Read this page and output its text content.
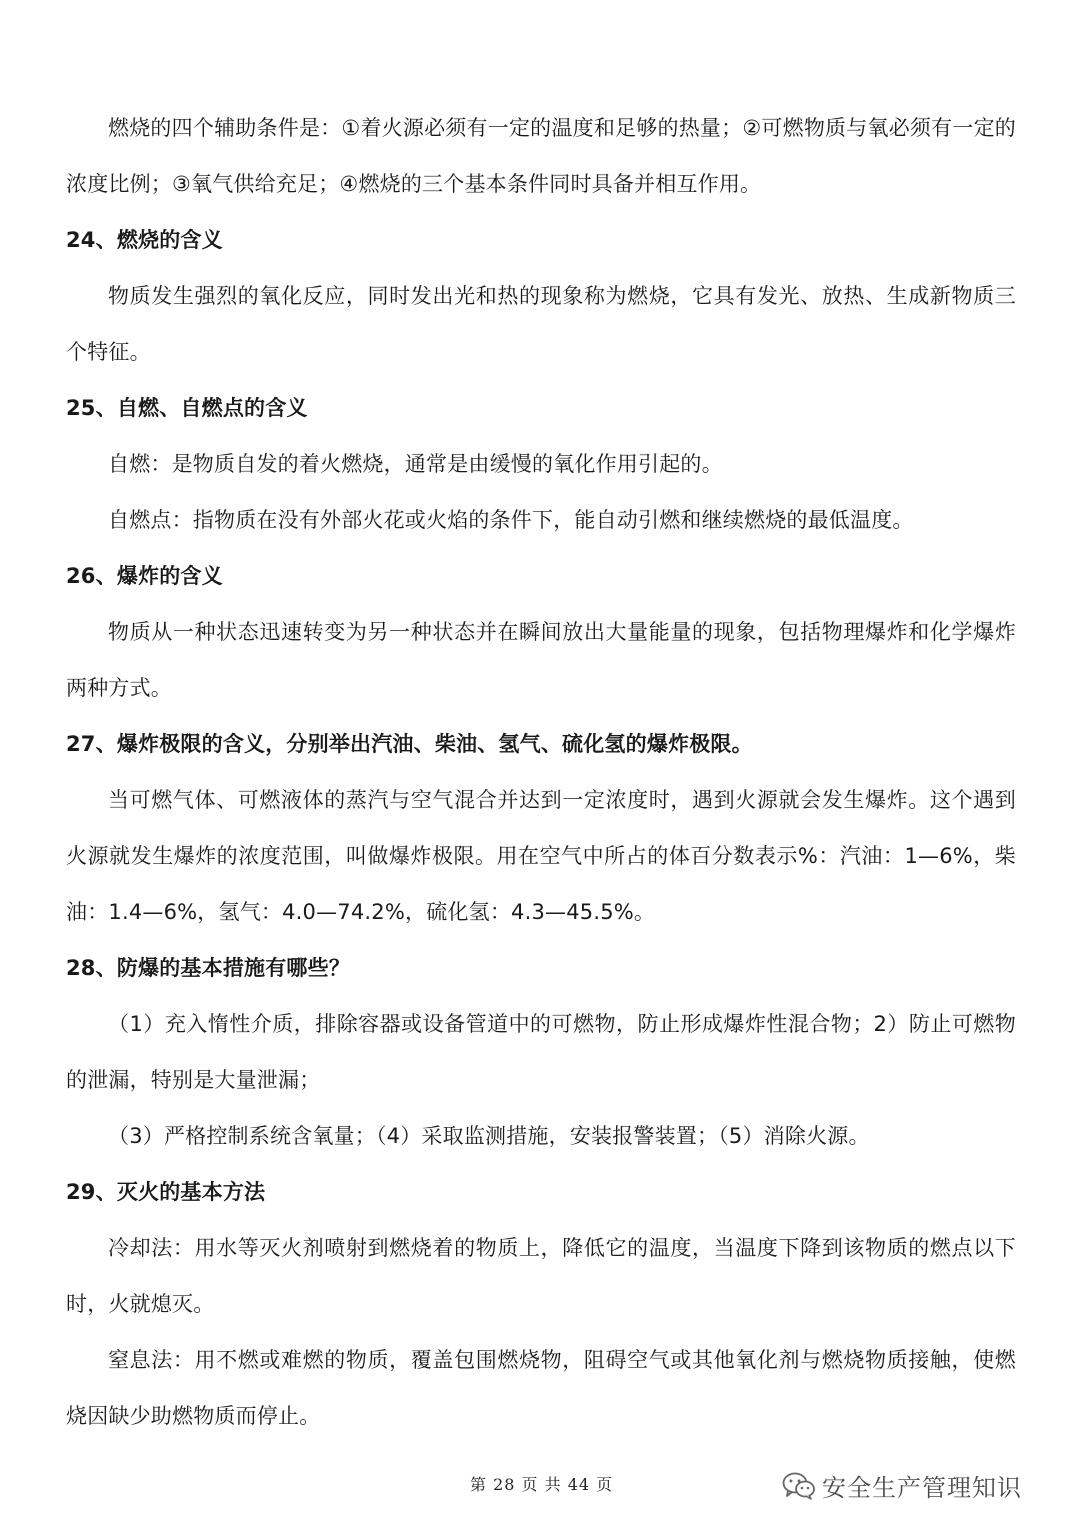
燃烧的四个辅助条件是：①着火源必须有一定的温度和足够的热量；②可燃物质与氧必须有一定的浓度比例；③氧气供给充足；④燃烧的三个基本条件同时具备并相互作用。

24、燃烧的含义

物质发生强烈的氧化反应，同时发出光和热的现象称为燃烧，它具有发光、放热、生成新物质三个特征。

25、自燃、自燃点的含义

自燃：是物质自发的着火燃烧，通常是由缓慢的氧化作用引起的。

自燃点：指物质在没有外部火花或火焰的条件下，能自动引燃和继续燃烧的最低温度。

26、爆炸的含义

物质从一种状态迅速转变为另一种状态并在瞬间放出大量能量的现象，包括物理爆炸和化学爆炸两种方式。

27、爆炸极限的含义，分别举出汽油、柴油、氢气、硫化氢的爆炸极限。

当可燃气体、可燃液体的蒸汽与空气混合并达到一定浓度时，遇到火源就会发生爆炸。这个遇到火源就发生爆炸的浓度范围，叫做爆炸极限。用在空气中所占的体百分数表示%：汽油：1—6%，柴油：1.4—6%，氢气：4.0—74.2%，硫化氢：4.3—45.5%。

28、防爆的基本措施有哪些？

（1）充入惰性介质，排除容器或设备管道中的可燃物，防止形成爆炸性混合物；2）防止可燃物的泄漏，特别是大量泄漏；

（3）严格控制系统含氧量；（4）采取监测措施，安装报警装置；（5）消除火源。

29、灭火的基本方法

冷却法：用水等灭火剂喷射到燃烧着的物质上，降低它的温度，当温度下降到该物质的燃点以下时，火就熄灭。

窒息法：用不燃或难燃的物质，覆盖包围燃烧物，阻碍空气或其他氧化剂与燃烧物质接触，使燃烧因缺少助燃物质而停止。

第 28 页 共 44 页	安全生产管理知识
